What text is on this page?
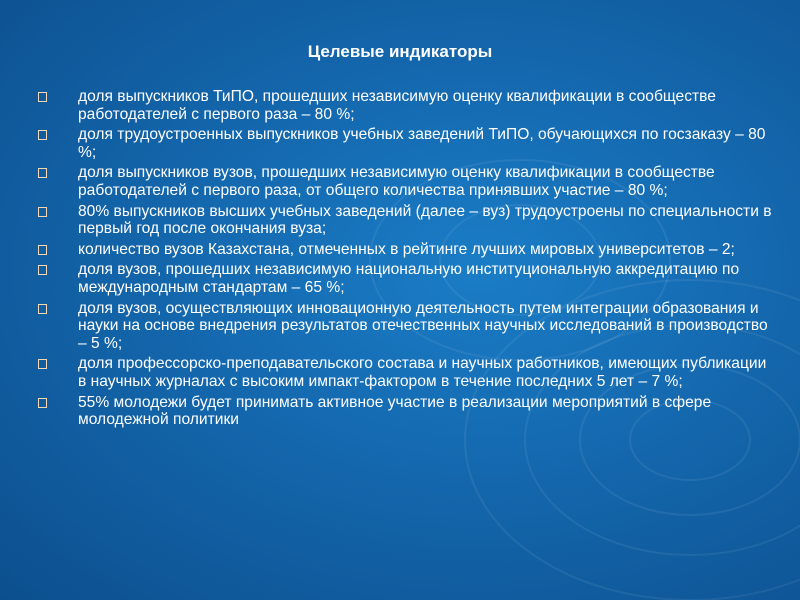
Целевые индикаторы
доля выпускников ТиПО, прошедших независимую оценку квалификации в сообществе работодателей с первого раза – 80 %;
доля трудоустроенных выпускников учебных заведений ТиПО, обучающихся по госзаказу – 80 %;
доля выпускников вузов, прошедших независимую оценку квалификации в сообществе работодателей с первого раза, от общего количества принявших участие – 80 %;
80% выпускников высших учебных заведений (далее – вуз) трудоустроены по специальности в первый год после окончания вуза;
количество вузов Казахстана, отмеченных в рейтинге лучших мировых университетов – 2;
доля вузов, прошедших независимую национальную институциональную аккредитацию по международным стандартам – 65 %;
доля вузов, осуществляющих инновационную деятельность путем интеграции образования и науки на основе внедрения результатов отечественных научных исследований в производство – 5 %;
доля профессорско-преподавательского состава и научных работников, имеющих публикации в научных журналах с высоким импакт-фактором в течение последних 5 лет – 7 %;
55% молодежи будет принимать активное участие в реализации мероприятий в сфере молодежной политики
